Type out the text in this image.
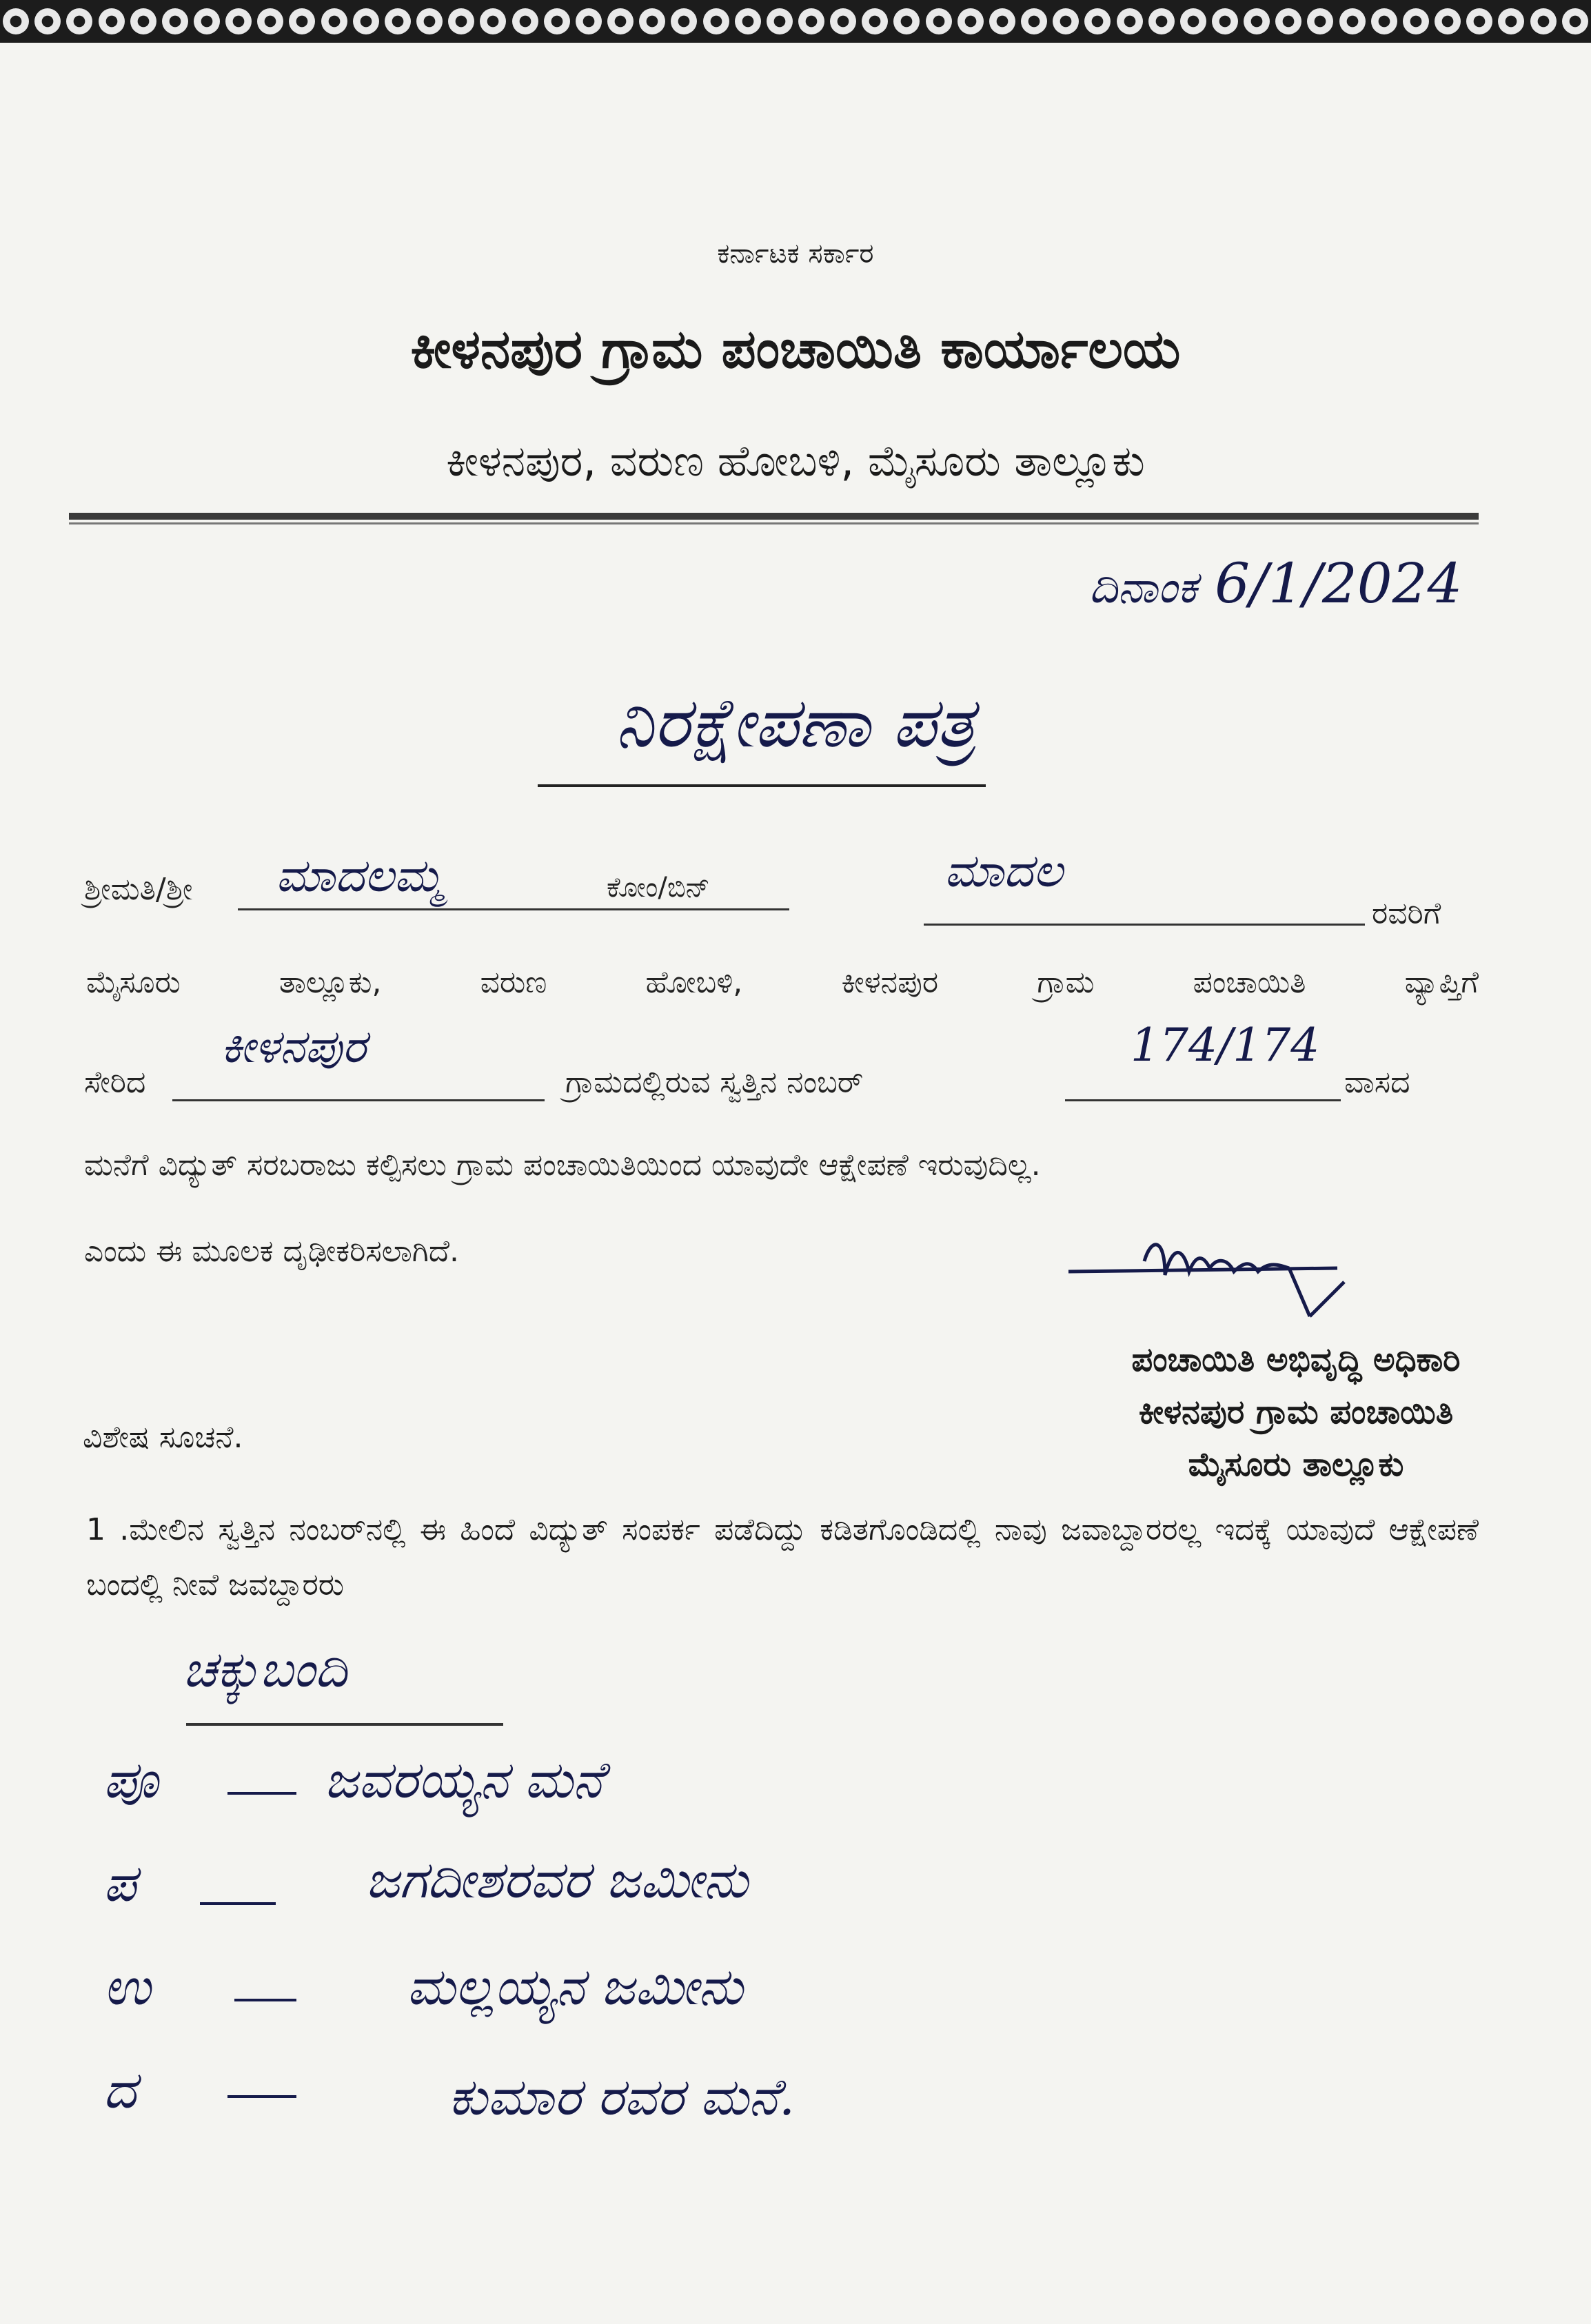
ಕರ್ನಾಟಕ ಸರ್ಕಾರ
ಕೀಳನಪುರ ಗ್ರಾಮ ಪಂಚಾಯಿತಿ ಕಾರ್ಯಾಲಯ
ಕೀಳನಪುರ, ವರುಣ ಹೋಬಳಿ, ಮೈಸೂರು ತಾಲ್ಲೂಕು
ದಿನಾಂಕ 6/1/2024
ನಿರಕ್ಷೇಪಣಾ ಪತ್ರ
ಶ್ರೀಮತಿ/ಶ್ರೀ ಮಾದಲಮ್ಮ	ಕೋಂ/ಬಿನ್	ಮಾದಲ
ರವರಿಗೆ
ಮೈಸೂರು ತಾಲ್ಲೂಕು, ವರುಣ ಹೋಬಳಿ, ಕೀಳನಪುರ ಗ್ರಾಮ ಪಂಚಾಯಿತಿ ವ್ಯಾಪ್ತಿಗೆ
ಸೇರಿದ
ಕೀಳನಪುರ
ಗ್ರಾಮದಲ್ಲಿರುವ ಸ್ವತ್ತಿನ ನಂಬರ್
174/174
ವಾಸದ
ಮನೆಗೆ ವಿದ್ಯುತ್ ಸರಬರಾಜು ಕಲ್ಪಿಸಲು ಗ್ರಾಮ ಪಂಚಾಯಿತಿಯಿಂದ ಯಾವುದೇ ಆಕ್ಷೇಪಣೆ ಇರುವುದಿಲ್ಲ.
ಎಂದು ಈ ಮೂಲಕ ದೃಢೀಕರಿಸಲಾಗಿದೆ.
ಪಂಚಾಯಿತಿ ಅಭಿವೃದ್ಧಿ ಅಧಿಕಾರಿ
ಕೀಳನಪುರ ಗ್ರಾಮ ಪಂಚಾಯಿತಿ
ಮೈಸೂರು ತಾಲ್ಲೂಕು
ವಿಶೇಷ ಸೂಚನೆ.
1 .ಮೇಲಿನ ಸ್ವತ್ತಿನ ನಂಬರ್‌ನಲ್ಲಿ ಈ ಹಿಂದೆ ವಿದ್ಯುತ್ ಸಂಪರ್ಕ ಪಡೆದಿದ್ದು ಕಡಿತಗೊಂಡಿದಲ್ಲಿ ನಾವು ಜವಾಬ್ದಾರರಲ್ಲ ಇದಕ್ಕೆ ಯಾವುದೆ ಆಕ್ಷೇಪಣೆ ಬಂದಲ್ಲಿ ನೀವೆ ಜವಬ್ದಾರರು
ಚಕ್ಕುಬಂದಿ
ಪೂ	ಜವರಯ್ಯನ ಮನೆ
ಪ	ಜಗದೀಶರವರ ಜಮೀನು
ಉ	ಮಲ್ಲಯ್ಯನ ಜಮೀನು
ದ	ಕುಮಾರ ರವರ ಮನೆ.
